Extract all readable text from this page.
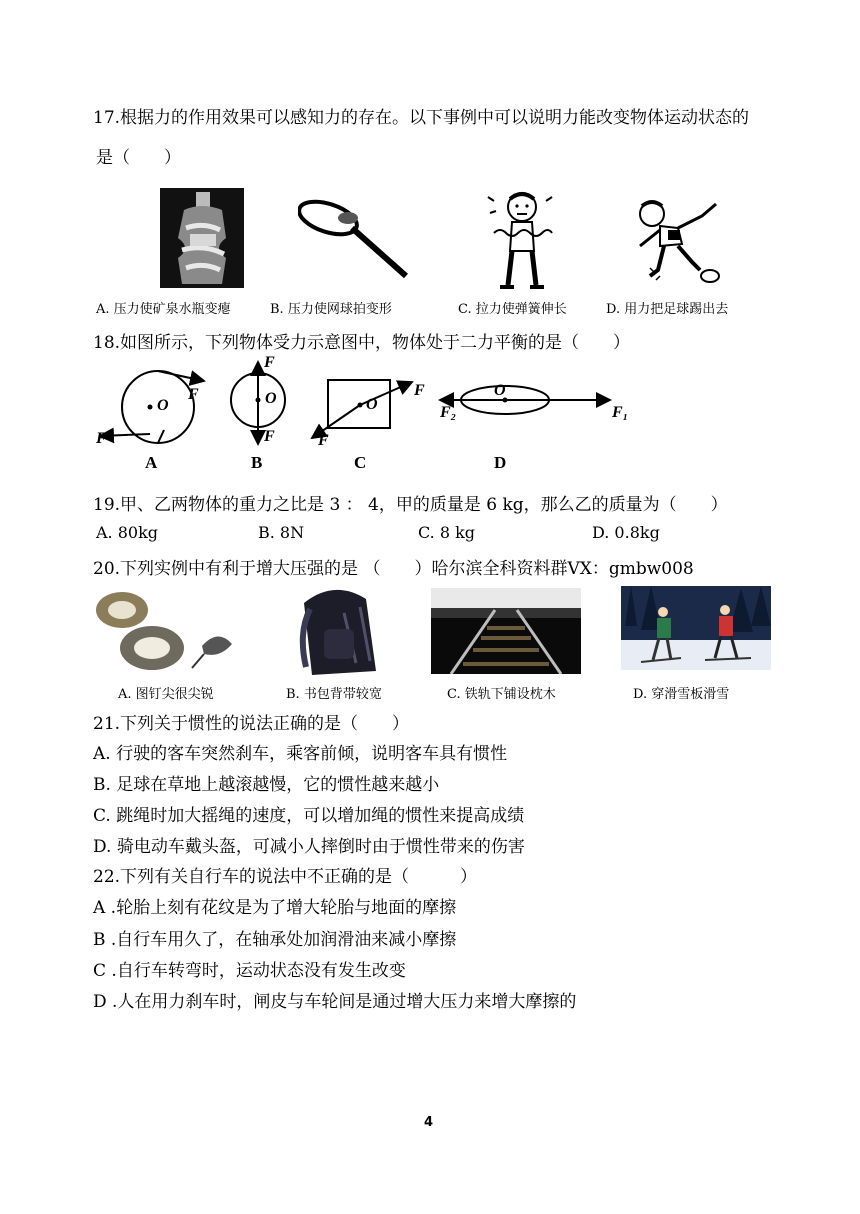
17.根据力的作用效果可以感知力的存在。以下事例中可以说明力能改变物体运动状态的
是（　　）
A. 压力使矿泉水瓶变瘪	B. 压力使网球拍变形	C. 拉力使弹簧伸长	D. 用力把足球踢出去
18.如图所示，下列物体受力示意图中，物体处于二力平衡的是（　　）
F
F
O
F
F
O	F
F
O
O
F₂	F₁
A	B	C	D
19.甲、乙两物体的重力之比是 3 ： 4，甲的质量是 6 kg，那么乙的质量为（　　）
A. 80kg	B. 8N	C. 8 kg	D. 0.8kg
20.下列实例中有利于增大压强的是 （　　）哈尔滨全科资料群VX：gmbw008
A. 图钉尖很尖锐	B. 书包背带较宽	C. 铁轨下铺设枕木	D. 穿滑雪板滑雪
21.下列关于惯性的说法正确的是（　　）
A. 行驶的客车突然刹车，乘客前倾，说明客车具有惯性
B. 足球在草地上越滚越慢，它的惯性越来越小
C. 跳绳时加大摇绳的速度，可以增加绳的惯性来提高成绩
D. 骑电动车戴头盔，可减小人摔倒时由于惯性带来的伤害
22.下列有关自行车的说法中不正确的是（　　　）
A .轮胎上刻有花纹是为了增大轮胎与地面的摩擦
B .自行车用久了，在轴承处加润滑油来减小摩擦
C .自行车转弯时，运动状态没有发生改变
D .人在用力刹车时，闸皮与车轮间是通过增大压力来增大摩擦的
4
